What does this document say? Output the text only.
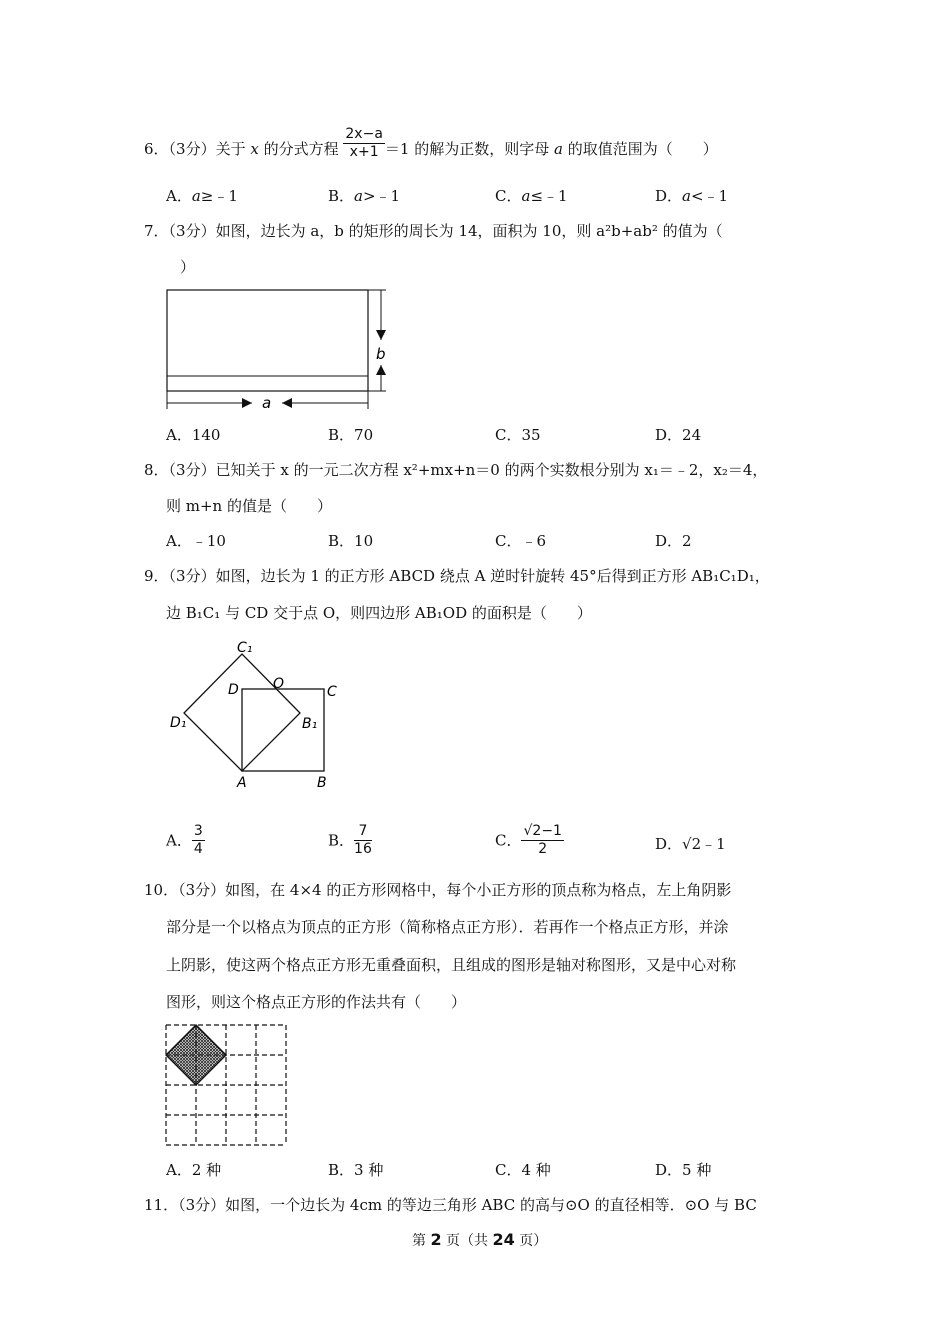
6．（3分）关于 x 的分式方程 $\frac{2x-a}{x+1} =1$ 的解为正数，则字母 a 的取值范围为（　　）
A．a≥﹣1	B．a>﹣1	C．a≤﹣1	D．a<﹣1
7．（3分）如图，边长为 a，b 的矩形的周长为 14，面积为 10，则 a²b+ab² 的值为（
）
b
a
A．140	B．70	C．35	D．24
8．（3分）已知关于 x 的一元二次方程 x²+mx+n＝0 的两个实数根分别为 x₁＝﹣2，x₂＝4，
则 m+n 的值是（　　）
A．﹣10	B．10	C．﹣6	D．2
9．（3分）如图，边长为 1 的正方形 ABCD 绕点 A 逆时针旋转 45°后得到正方形 AB₁C₁D₁，
边 B₁C₁ 与 CD 交于点 O，则四边形 AB₁OD 的面积是（　　）
C₁
D O	C
D₁	B₁
A	B
A． $\frac{3}{4}$	B． $\frac{7}{16}$	C． $\frac{√2-1}{2}$	D．√2﹣1
10．（3分）如图，在 4×4 的正方形网格中，每个小正方形的顶点称为格点，左上角阴影
部分是一个以格点为顶点的正方形（简称格点正方形）．若再作一个格点正方形，并涂
上阴影，使这两个格点正方形无重叠面积，且组成的图形是轴对称图形，又是中心对称
图形，则这个格点正方形的作法共有（　　）
A．2 种	B．3 种	C．4 种	D．5 种
11．（3分）如图，一个边长为 4cm 的等边三角形 ABC 的高与⊙O 的直径相等．⊙O 与 BC
第 2 页（共 24 页）
